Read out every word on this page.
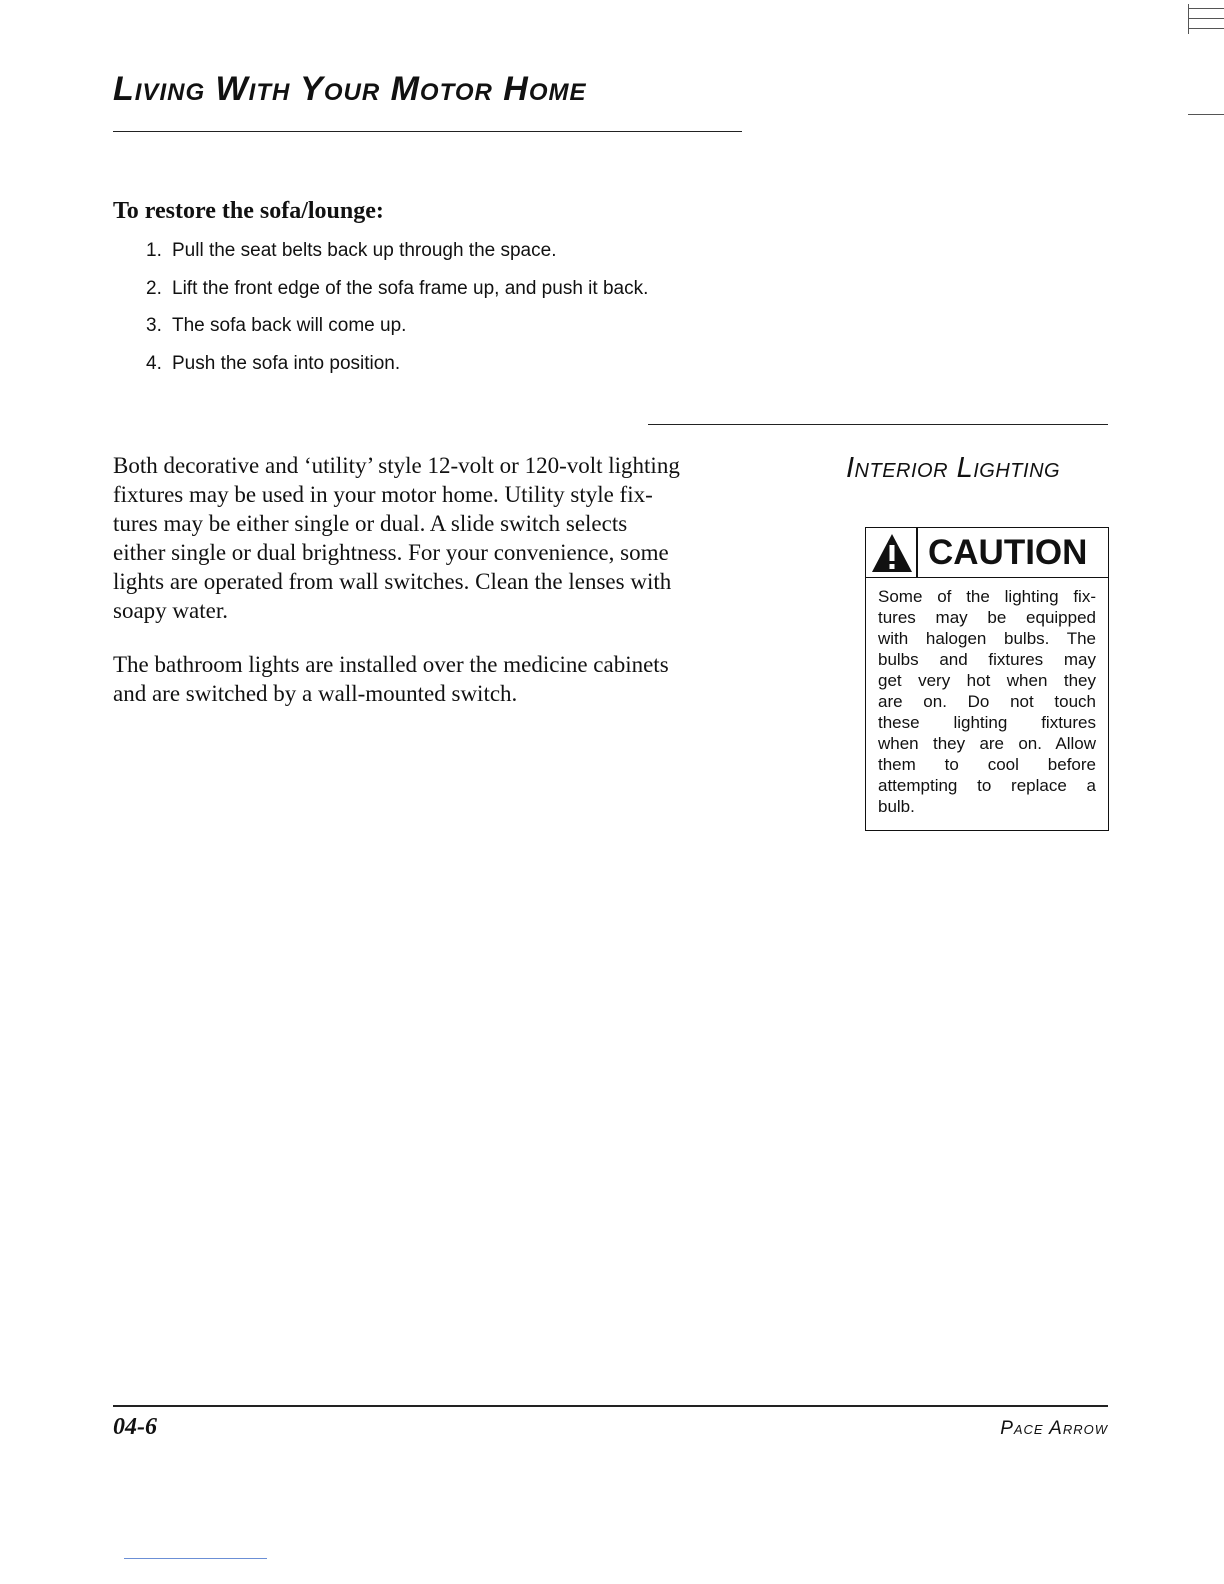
Living With Your Motor Home
To restore the sofa/lounge:
1. Pull the seat belts back up through the space.
2. Lift the front edge of the sofa frame up, and push it back.
3. The sofa back will come up.
4. Push the sofa into position.

Both decorative and ‘utility’ style 12-volt or 120-volt lighting
fixtures may be used in your motor home. Utility style fix-
tures may be either single or dual. A slide switch selects
either single or dual brightness. For your convenience, some
lights are operated from wall switches. Clean the lenses with
soapy water.

The bathroom lights are installed over the medicine cabinets
and are switched by a wall-mounted switch.

Interior Lighting
CAUTION
Some of the lighting fix-
tures may be equipped
with halogen bulbs. The
bulbs and fixtures may
get very hot when they
are on. Do not touch
these lighting fixtures
when they are on. Allow
them to cool before
attempting to replace a
bulb.
04-6	Pace Arrow
